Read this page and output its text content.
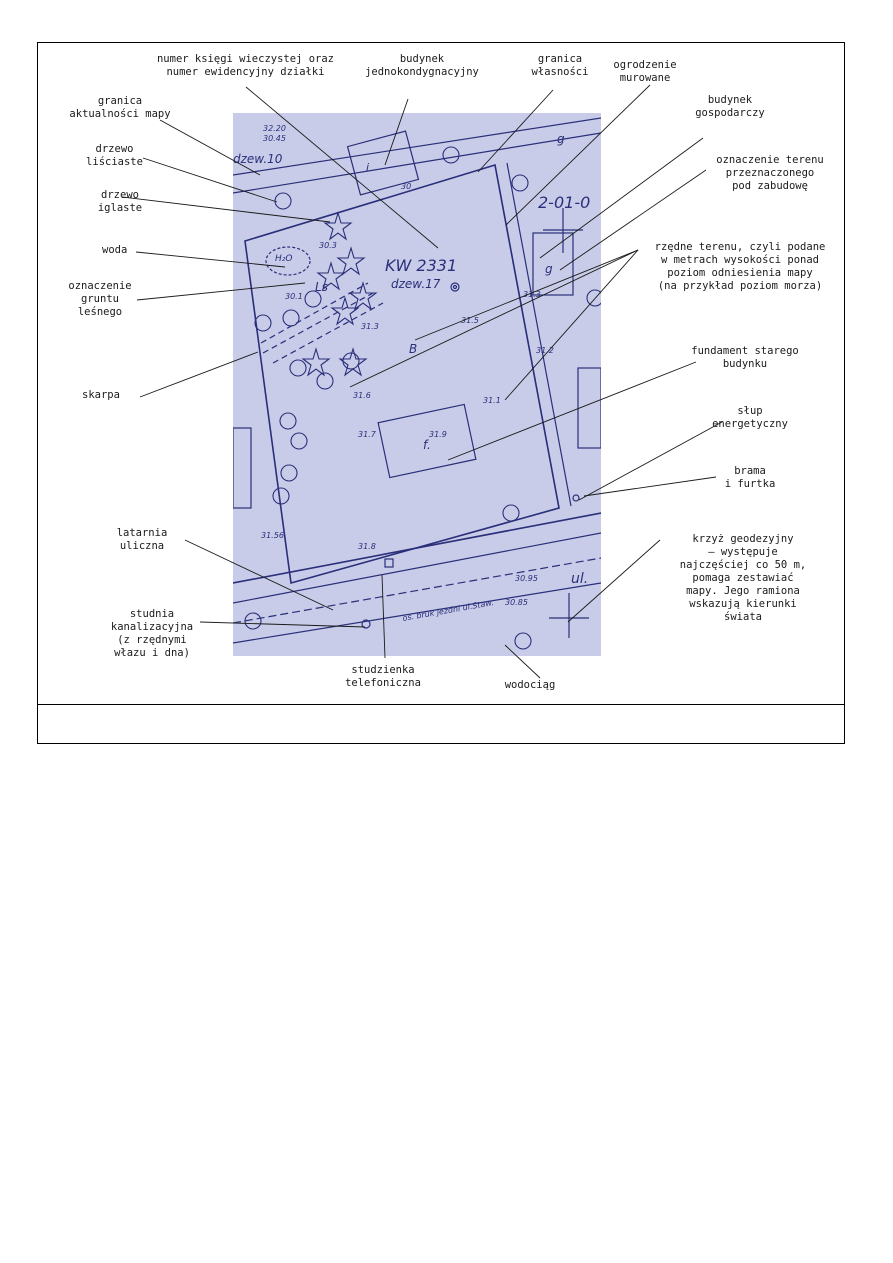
KW 2331
dzew.17
dzew.10
2-01-0
Ls
B
i
f.
g
g
H₂O
32.20
30.45
30
30.3
30.1
31.3
31.5
31.6
31.7	31.9
31.3
31.2
31.56
31.8
30.95
30.85
31.1
ul.
os. bruk jezdni ul.Staw.
numer księgi wieczystej oraz
numer ewidencyjny działki
budynek
jednokondygnacyjny
granica
własności
ogrodzenie
murowane
granica
aktualności mapy
budynek
gospodarczy
drzewo
liściaste	oznaczenie terenu
przeznaczonego
pod zabudowę
drzewo
iglaste
woda	rzędne terenu, czyli podane
w metrach wysokości ponad
poziom odniesienia mapy
(na przykład poziom morza)
oznaczenie
gruntu
leśnego
fundament starego
budynku
skarpa
słup
energetyczny
brama
i furtka
latarnia
uliczna
krzyż geodezyjny
– występuje
najczęściej co 50 m,
pomaga zestawiać
mapy. Jego ramiona
wskazują kierunki
świata
studnia
kanalizacyjna
(z rzędnymi
włazu i dna)
studzienka
telefoniczna	wodociąg
